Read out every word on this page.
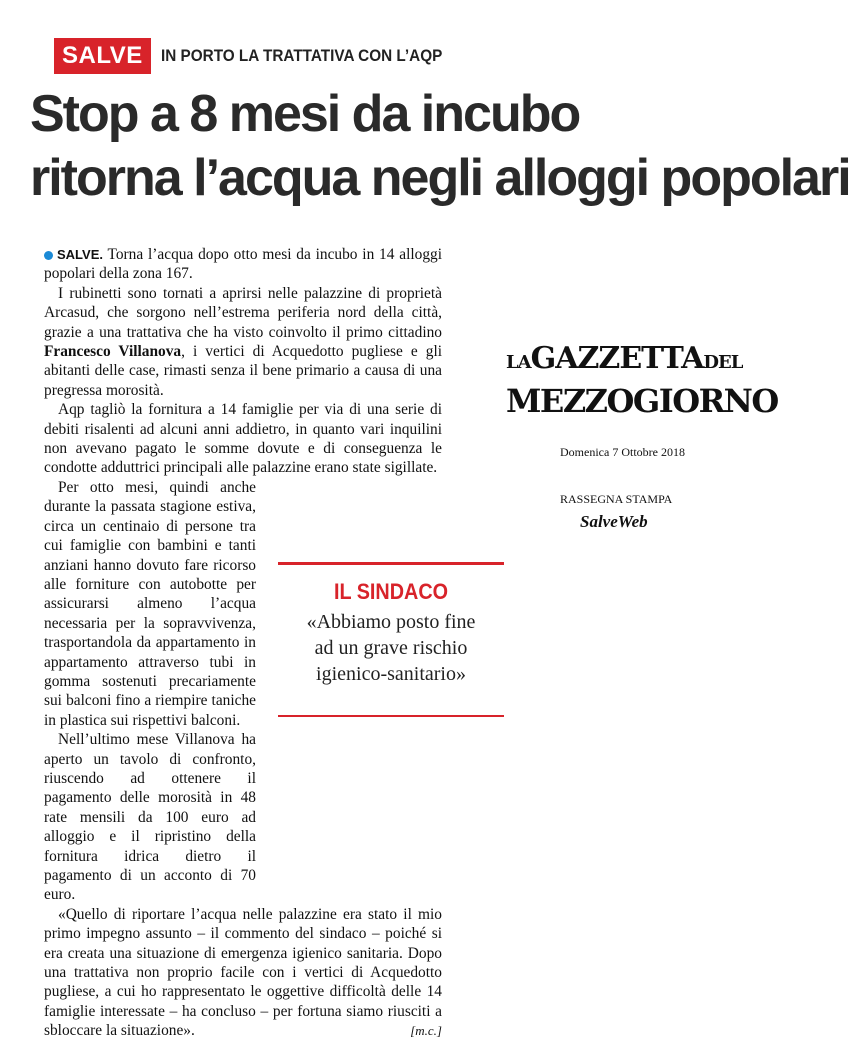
SALVE	IN PORTO LA TRATTATIVA CON L’AQP
Stop a 8 mesi da incubo
ritorna l’acqua negli alloggi popolari

SALVE. Torna l’acqua dopo otto mesi da incubo in 14 alloggi popolari della zona 167.

I rubinetti sono tornati a aprirsi nelle palazzine di proprietà Arcasud, che sorgono nell’estrema periferia nord della città, grazie a una trattativa che ha visto coinvolto il primo cittadino Francesco Villanova, i vertici di Acquedotto pugliese e gli abitanti delle case, rimasti senza il bene primario a causa di una pregressa morosità.

Aqp tagliò la fornitura a 14 famiglie per via di una serie di debiti risalenti ad alcuni anni addietro, in quanto vari inquilini non avevano pagato le somme dovute e di conseguenza le condotte adduttrici principali alle palazzine erano state sigillate.

Per otto mesi, quindi anche durante la passata stagione estiva, circa un centinaio di persone tra cui famiglie con bambini e tanti anziani hanno dovuto fare ricorso alle forniture con autobotte per assicurarsi almeno l’acqua necessaria per la sopravvivenza, trasportandola da appartamento in appartamento attraverso tubi in gomma sostenuti precariamente sui balconi fino a riempire taniche in plastica sui rispettivi balconi.

Nell’ultimo mese Villanova ha aperto un tavolo di confronto, riuscendo ad ottenere il pagamento delle morosità in 48 rate mensili da 100 euro ad alloggio e il ripristino della fornitura idrica dietro il pagamento di un acconto di 70 euro.

«Quello di riportare l’acqua nelle palazzine era stato il mio primo impegno assunto – il commento del sindaco – poiché si era creata una situazione di emergenza igienico sanitaria. Dopo una trattativa non proprio facile con i vertici di Acquedotto pugliese, a cui ho rappresentato le oggettive difficoltà delle 14 famiglie interessate – ha concluso – per fortuna siamo riusciti a sbloccare la situazione».	[m.c.]

IL SINDACO
«Abbiamo posto fine
ad un grave rischio
igienico-sanitario»
LAGAZZETTADEL
MEZZOGIORNO
Domenica 7 Ottobre 2018
RASSEGNA STAMPA
SalveWeb
